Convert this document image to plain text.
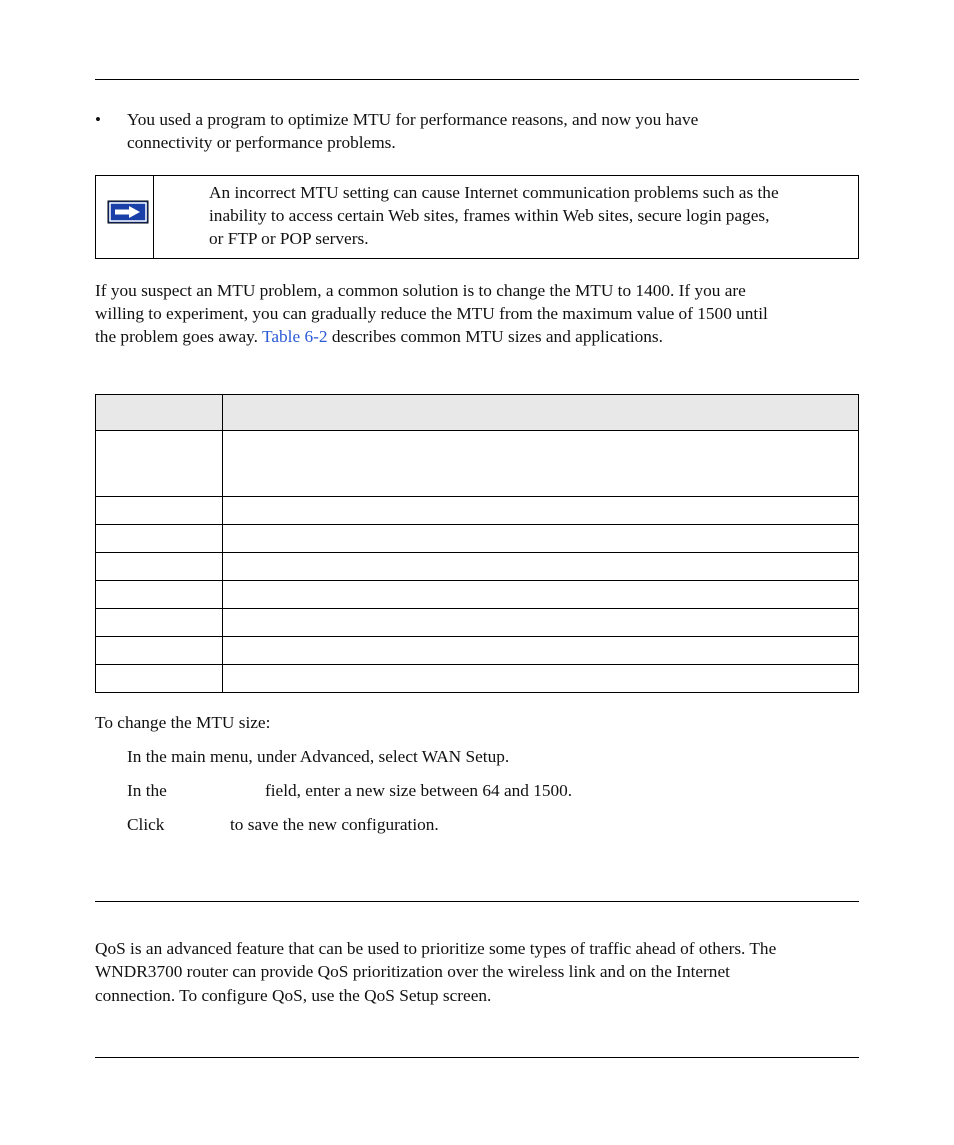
• You used a program to optimize MTU for performance reasons, and now you have
connectivity or performance problems.
An incorrect MTU setting can cause Internet communication problems such as the
inability to access certain Web sites, frames within Web sites, secure login pages,
or FTP or POP servers.
If you suspect an MTU problem, a common solution is to change the MTU to 1400. If you are
willing to experiment, you can gradually reduce the MTU from the maximum value of 1500 until
the problem goes away. Table 6-2 describes common MTU sizes and applications.

To change the MTU size:
In the main menu, under Advanced, select WAN Setup.
In the	field, enter a new size between 64 and 1500.
Click	to save the new configuration.
QoS is an advanced feature that can be used to prioritize some types of traffic ahead of others. The
WNDR3700 router can provide QoS prioritization over the wireless link and on the Internet
connection. To configure QoS, use the QoS Setup screen.
